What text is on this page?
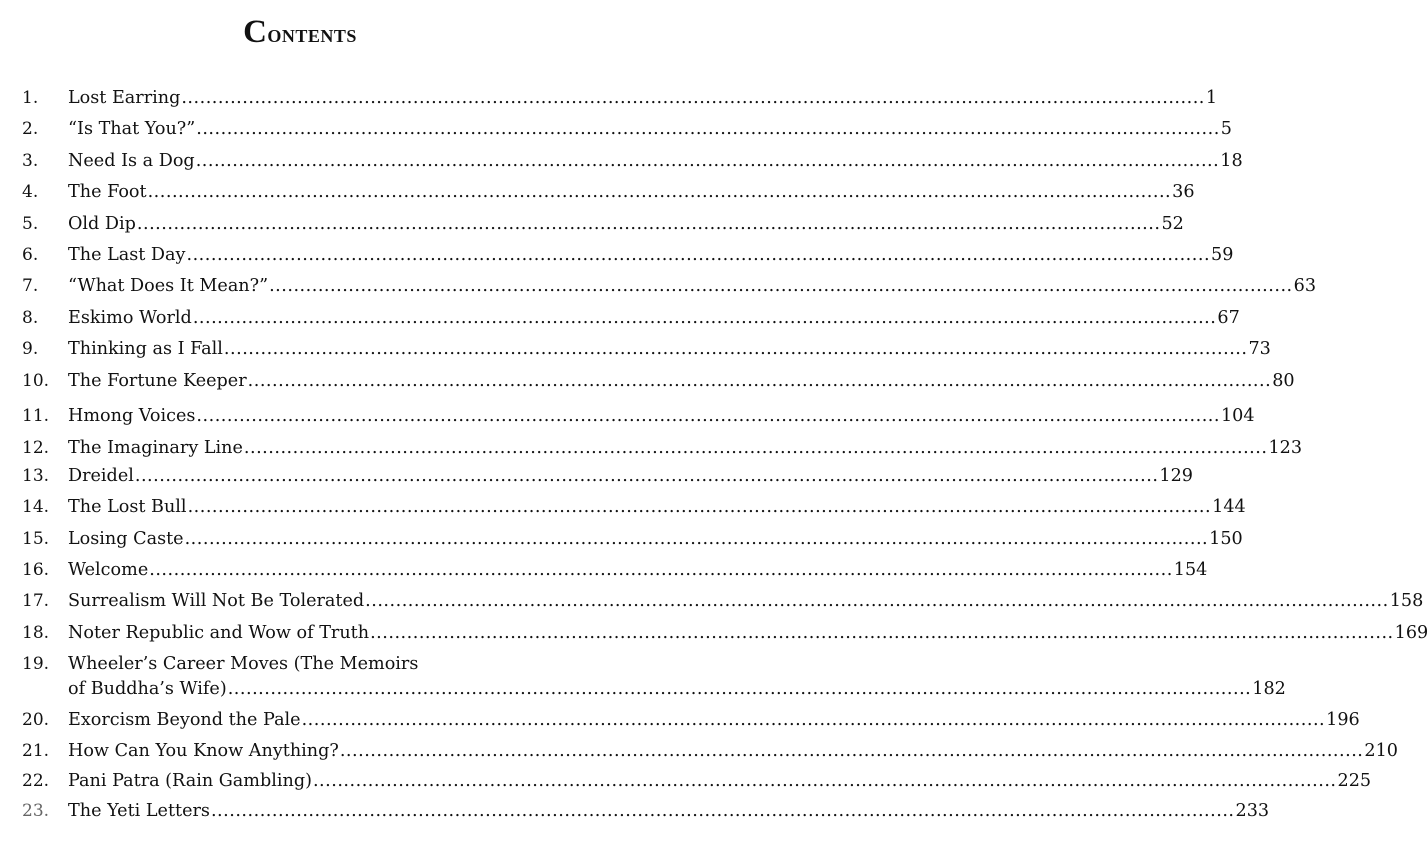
Contents
1.	Lost Earring ........................................................................................................................................................................ 1
2.	“Is That You?” ........................................................................................................................................................................ 5
3.	Need Is a Dog ........................................................................................................................................................................ 18
4.	The Foot ........................................................................................................................................................................ 36
5.	Old Dip ........................................................................................................................................................................ 52
6.	The Last Day ........................................................................................................................................................................ 59
7.	“What Does It Mean?” ........................................................................................................................................................................ 63
8.	Eskimo World ........................................................................................................................................................................ 67
9.	Thinking as I Fall ........................................................................................................................................................................ 73
10.	The Fortune Keeper ........................................................................................................................................................................ 80
11.	Hmong Voices ........................................................................................................................................................................ 104
12.	The Imaginary Line ........................................................................................................................................................................ 123
13.	Dreidel ........................................................................................................................................................................ 129
14.	The Lost Bull ........................................................................................................................................................................ 144
15.	Losing Caste ........................................................................................................................................................................ 150
16.	Welcome ........................................................................................................................................................................ 154
17.	Surrealism Will Not Be Tolerated ........................................................................................................................................................................ 158
18.	Noter Republic and Wow of Truth ........................................................................................................................................................................ 169
19.	Wheeler’s Career Moves (The Memoirs
of Buddha’s Wife) ........................................................................................................................................................................ 182
20.	Exorcism Beyond the Pale ........................................................................................................................................................................ 196
21.	How Can You Know Anything? ........................................................................................................................................................................ 210
22.	Pani Patra (Rain Gambling) ........................................................................................................................................................................ 225
23.	The Yeti Letters ........................................................................................................................................................................ 233
